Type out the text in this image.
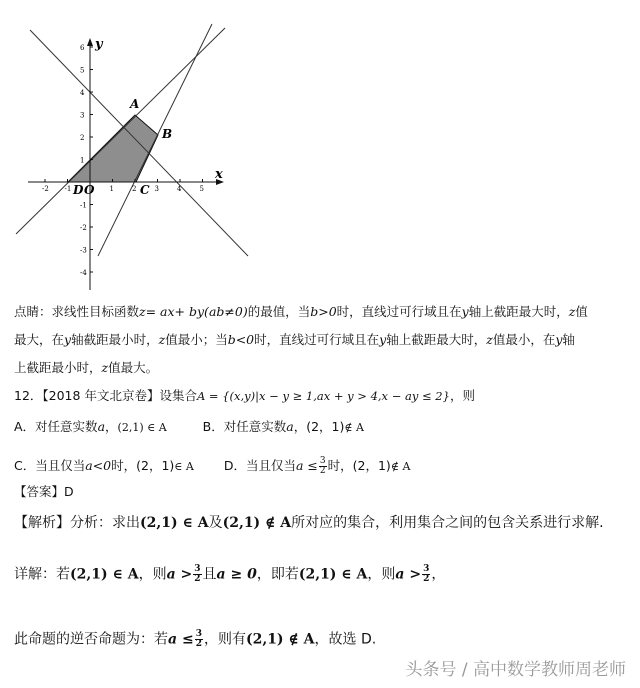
-2 -1	1	2	3	4	5
6
5
4
3
2
1
-1
-2
-3
-4
x
y
O
A
B
C
D
点睛：求线性目标函数z= ax+ by(ab≠0)的最值，当b>0时，直线过可行域且在y轴上截距最大时，z值
最大，在y轴截距最小时，z值最小；当b<0时，直线过可行域且在y轴上截距最大时，z值最小，在y轴
上截距最小时，z值最大。
12．【2018 年文北京卷】设集合A = {(x,y)|x − y ≥ 1,ax + y > 4,x − ay ≤ 2}，则
A．对任意实数a，(2,1) ∈ A	B．对任意实数a，(2，1)∉ A
C．当且仅当a<0时，(2，1)∈ A D．当且仅当$a \le \frac{3}{2}$ 时，(2，1)∉ A
【答案】D
【解析】分析：求出(2,1) ∈ A及(2,1) ∉ A所对应的集合，利用集合之间的包含关系进行求解.
详解：若(2,1) ∈ A，则$a > \frac{3}{2}$ 且a ≥ 0，即若(2,1) ∈ A，则$a > \frac{3}{2}$ ，
此命题的逆否命题为：若$a \le \frac{3}{2}$ ，则有(2,1) ∉ A，故选 D.
头条号 / 高中数学教师周老师
